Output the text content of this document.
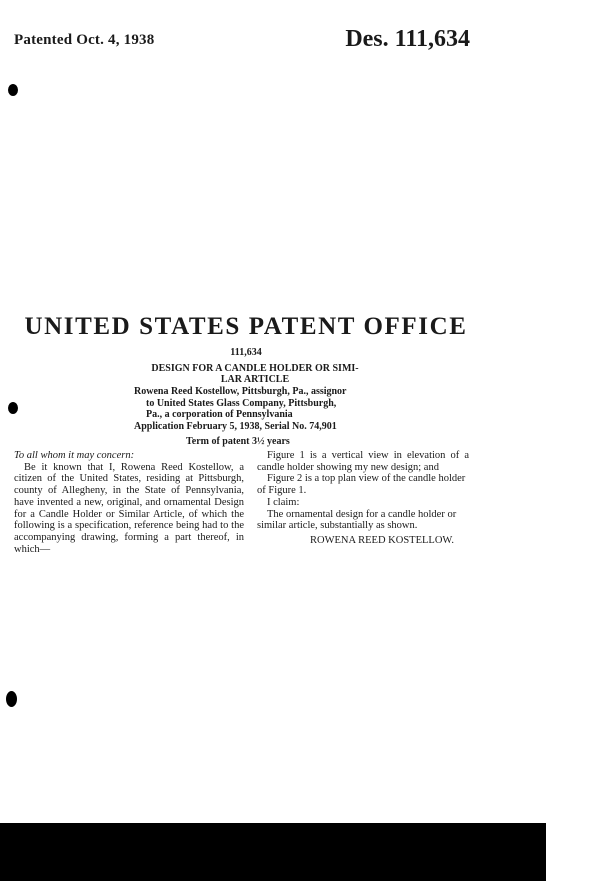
Patented Oct. 4, 1938	Des. 111,634
UNITED STATES PATENT OFFICE
111,634
DESIGN FOR A CANDLE HOLDER OR SIMI-
LAR ARTICLE
Rowena Reed Kostellow, Pittsburgh, Pa., assignor
to United States Glass Company, Pittsburgh,
Pa., a corporation of Pennsylvania
Application February 5, 1938, Serial No. 74,901
Term of patent 3½ years

To all whom it may concern:

Be it known that I, Rowena Reed Kostellow, a citizen of the United States, residing at Pittsburgh, county of Allegheny, in the State of Pennsylvania, have invented a new, original, and ornamental Design for a Candle Holder or Similar Article, of which the following is a specification, reference being had to the accompanying drawing, forming a part thereof, in which—

Figure 1 is a vertical view in elevation of a candle holder showing my new design; and

Figure 2 is a top plan view of the candle holder of Figure 1.

I claim:

The ornamental design for a candle holder or similar article, substantially as shown.

ROWENA REED KOSTELLOW.
